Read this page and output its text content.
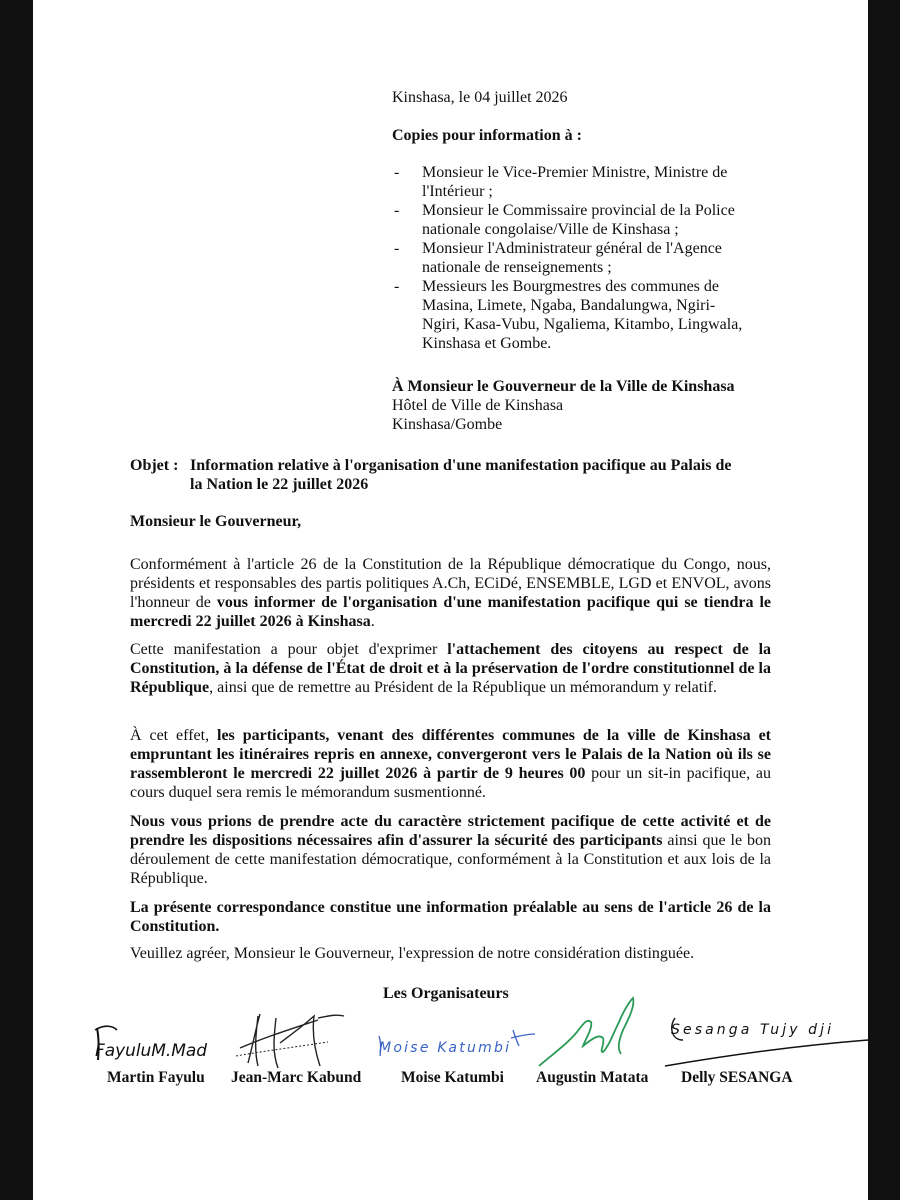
Kinshasa, le 04 juillet 2026
Copies pour information à :
- Monsieur le Vice-Premier Ministre, Ministre de
l'Intérieur ;
- Monsieur le Commissaire provincial de la Police
nationale congolaise/Ville de Kinshasa ;
- Monsieur l'Administrateur général de l'Agence
nationale de renseignements ;
- Messieurs les Bourgmestres des communes de
Masina, Limete, Ngaba, Bandalungwa, Ngiri-
Ngiri, Kasa-Vubu, Ngaliema, Kitambo, Lingwala,
Kinshasa et Gombe.
À Monsieur le Gouverneur de la Ville de Kinshasa
Hôtel de Ville de Kinshasa
Kinshasa/Gombe
Objet : Information relative à l'organisation d'une manifestation pacifique au Palais de
la Nation le 22 juillet 2026
Monsieur le Gouverneur,
Conformément à l'article 26 de la Constitution de la République démocratique du Congo, nous, présidents et responsables des partis politiques A.Ch, ECiDé, ENSEMBLE, LGD et ENVOL, avons l'honneur de vous informer de l'organisation d'une manifestation pacifique qui se tiendra le mercredi 22 juillet 2026 à Kinshasa.
Cette manifestation a pour objet d'exprimer l'attachement des citoyens au respect de la Constitution, à la défense de l'État de droit et à la préservation de l'ordre constitutionnel de la République, ainsi que de remettre au Président de la République un mémorandum y relatif.
À cet effet, les participants, venant des différentes communes de la ville de Kinshasa et empruntant les itinéraires repris en annexe, convergeront vers le Palais de la Nation où ils se rassembleront le mercredi 22 juillet 2026 à partir de 9 heures 00 pour un sit-in pacifique, au cours duquel sera remis le mémorandum susmentionné.
Nous vous prions de prendre acte du caractère strictement pacifique de cette activité et de prendre les dispositions nécessaires afin d'assurer la sécurité des participants ainsi que le bon déroulement de cette manifestation démocratique, conformément à la Constitution et aux lois de la République.
La présente correspondance constitue une information préalable au sens de l'article 26 de la Constitution.
Veuillez agréer, Monsieur le Gouverneur, l'expression de notre considération distinguée.
Les Organisateurs
FayuluM.Mad	Moise Katumbi
Sesanga Tujy dji
Martin Fayulu Jean-Marc Kabund	Moise Katumbi Augustin Matata Delly SESANGA
